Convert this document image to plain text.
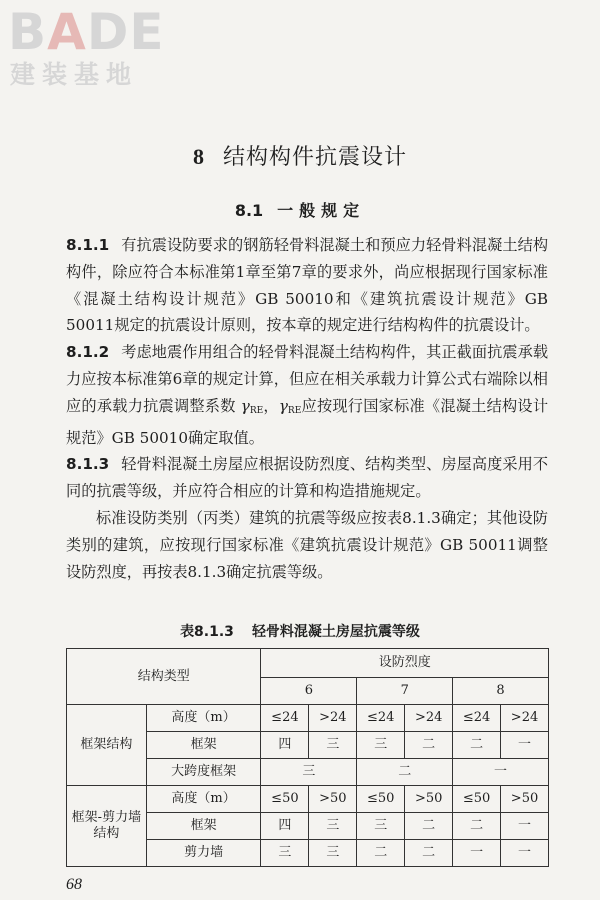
BADE
建装基地
8 结构构件抗震设计
8.1 一般规定

8.1.1 有抗震设防要求的钢筋轻骨料混凝土和预应力轻骨料混凝土结构构件，除应符合本标准第1章至第7章的要求外，尚应根据现行国家标准《混凝土结构设计规范》GB 50010和《建筑抗震设计规范》GB 50011规定的抗震设计原则，按本章的规定进行结构构件的抗震设计。

8.1.2 考虑地震作用组合的轻骨料混凝土结构构件，其正截面抗震承载力应按本标准第6章的规定计算，但应在相关承载力计算公式右端除以相应的承载力抗震调整系数 γRE，γRE应按现行国家标准《混凝土结构设计规范》GB 50010确定取值。

8.1.3 轻骨料混凝土房屋应根据设防烈度、结构类型、房屋高度采用不同的抗震等级，并应符合相应的计算和构造措施规定。

标准设防类别（丙类）建筑的抗震等级应按表8.1.3确定；其他设防类别的建筑，应按现行国家标准《建筑抗震设计规范》GB 50011调整设防烈度，再按表8.1.3确定抗震等级。

表8.1.3 轻骨料混凝土房屋抗震等级
结构类型		设防烈度					
		6		7		8	
框架结构	高度（m）	≤24	>24	≤24	>24	≤24	>24
	框架	四	三	三	二	二	一
	大跨度框架	三		二		一	
框架-剪力墙结构	高度（m）	≤50	>50	≤50	>50	≤50	>50
	框架	四	三	三	二	二	一
	剪力墙	三	三	二	二	一	一
68
